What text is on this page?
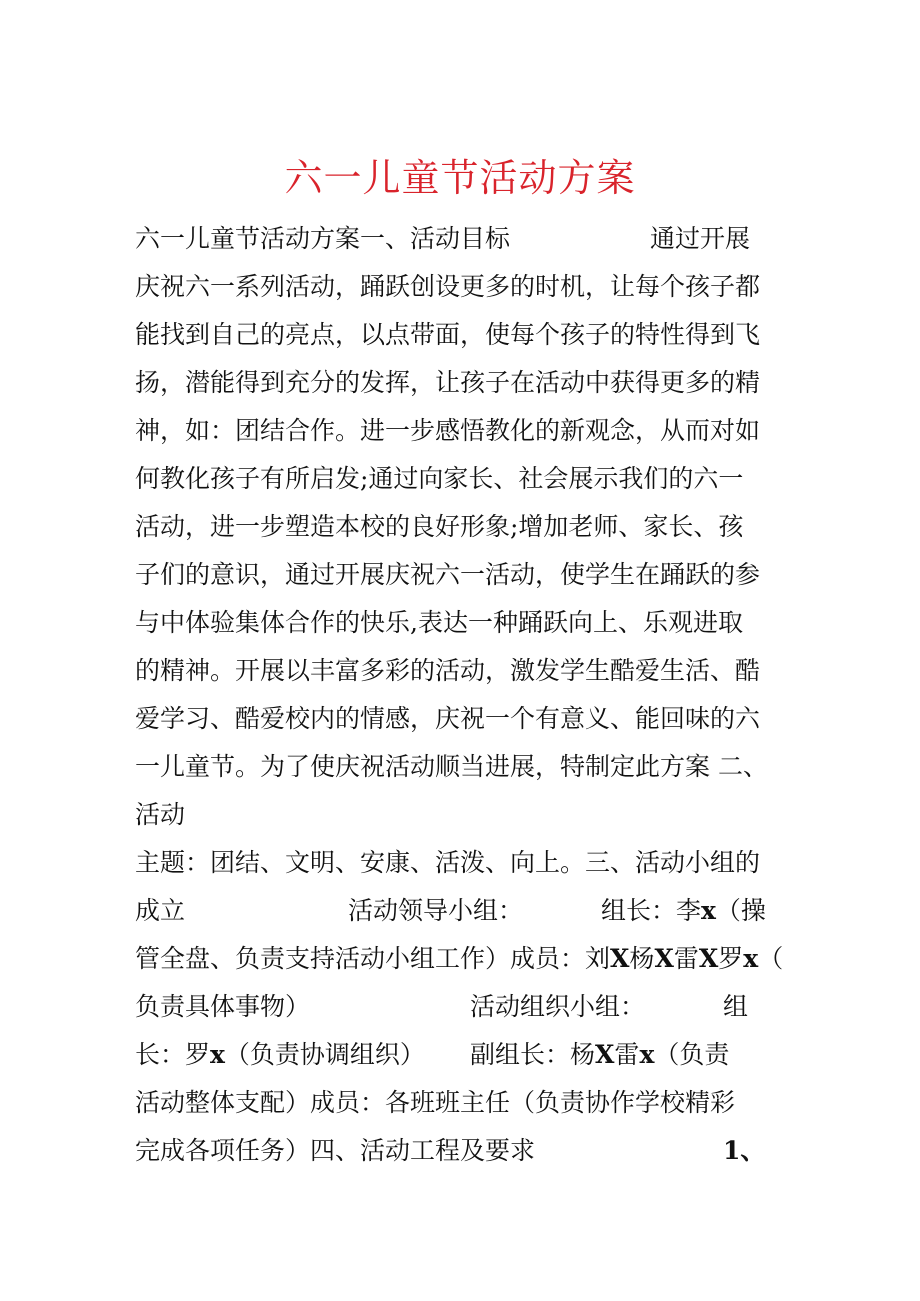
六一儿童节活动方案
六一儿童节活动方案一、活动目标	通过开展
庆祝六一系列活动，踊跃创设更多的时机，让每个孩子都
能找到自己的亮点，以点带面，使每个孩子的特性得到飞
扬，潜能得到充分的发挥，让孩子在活动中获得更多的精
神，如：团结合作。进一步感悟教化的新观念，从而对如
何教化孩子有所启发;通过向家长、社会展示我们的六一
活动，进一步塑造本校的良好形象;增加老师、家长、孩
子们的意识，通过开展庆祝六一活动，使学生在踊跃的参
与中体验集体合作的快乐,表达一种踊跃向上、乐观进取
的精神。开展以丰富多彩的活动，激发学生酷爱生活、酷
爱学习、酷爱校内的情感，庆祝一个有意义、能回味的六
一儿童节。为了使庆祝活动顺当进展，特制定此方案 二、
活动
主题：团结、文明、安康、活泼、向上。三、活动小组的
成立	活动领导小组：	组长：李x（操
管全盘、负责支持活动小组工作）成员：刘X杨X雷X罗x（
负责具体事物）	活动组织小组：	组
长：罗x（负责协调组织） 副组长：杨X雷x（负责
活动整体支配）成员：各班班主任（负责协作学校精彩
完成各项任务）四、活动工程及要求	1、
